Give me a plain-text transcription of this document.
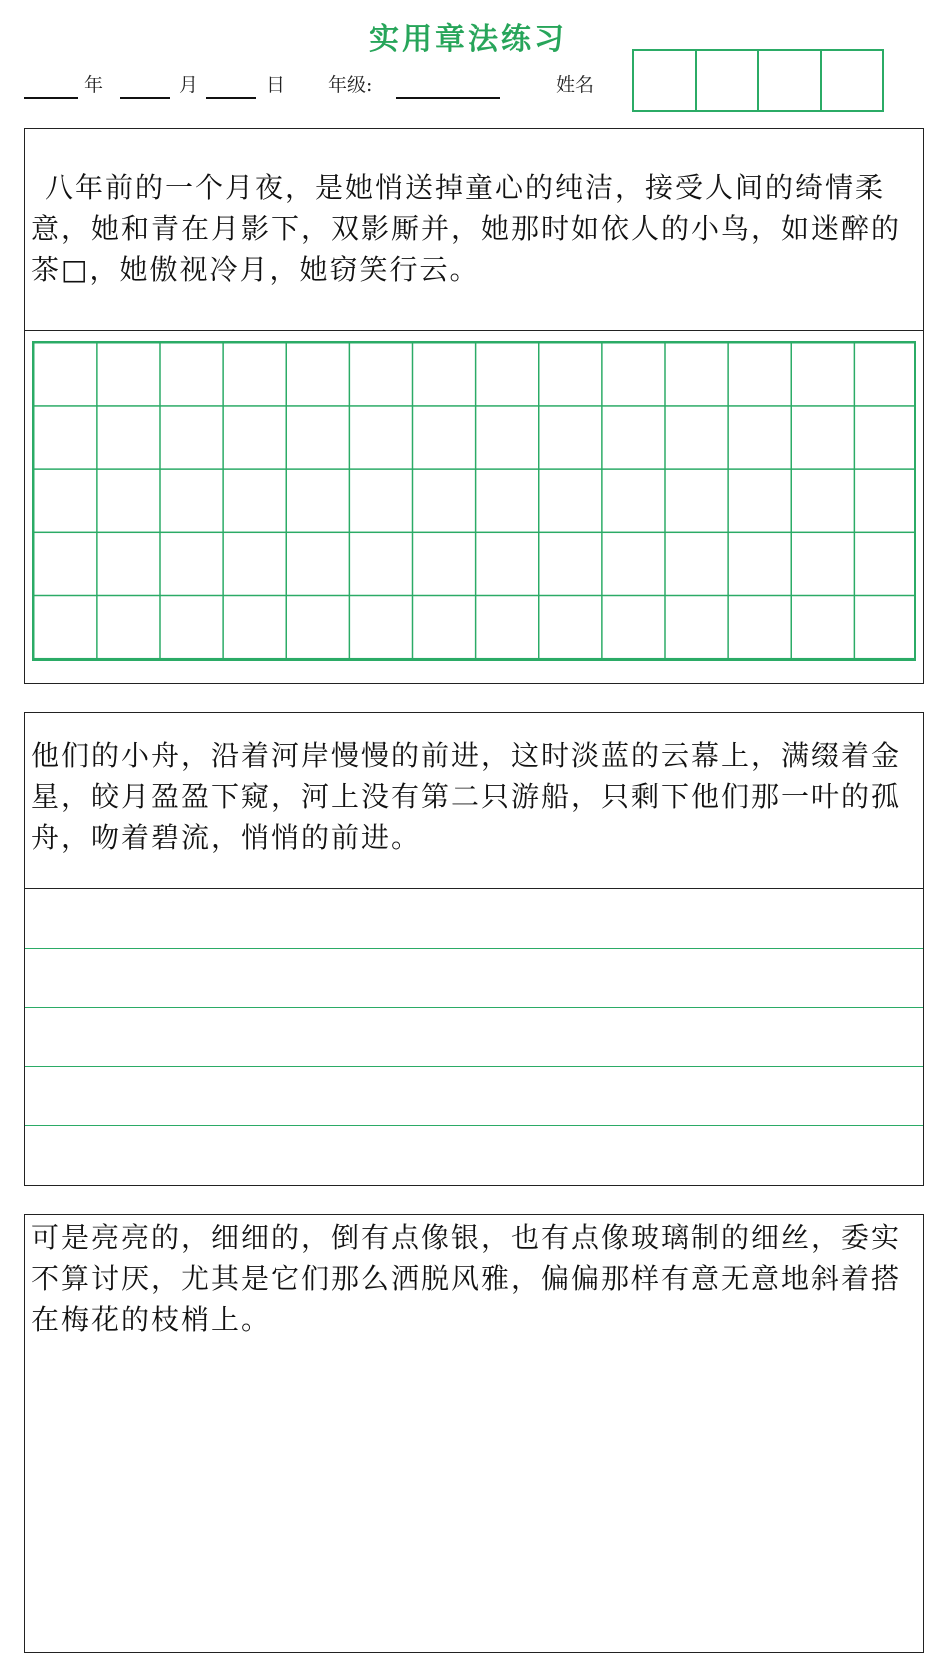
实用章法练习
年	月	日 年级:	姓名
八年前的一个月夜，是她悄送掉童心的纯洁，接受人间的绮情柔意，她和青在月影下，双影厮并，她那时如依人的小鸟，如迷醉的茶□，她傲视冷月，她窃笑行云。
他们的小舟，沿着河岸慢慢的前进，这时淡蓝的云幕上，满缀着金星，皎月盈盈下窥，河上没有第二只游船，只剩下他们那一叶的孤舟，吻着碧流，悄悄的前进。
可是亮亮的，细细的，倒有点像银，也有点像玻璃制的细丝，委实不算讨厌，尤其是它们那么洒脱风雅，偏偏那样有意无意地斜着搭在梅花的枝梢上。
